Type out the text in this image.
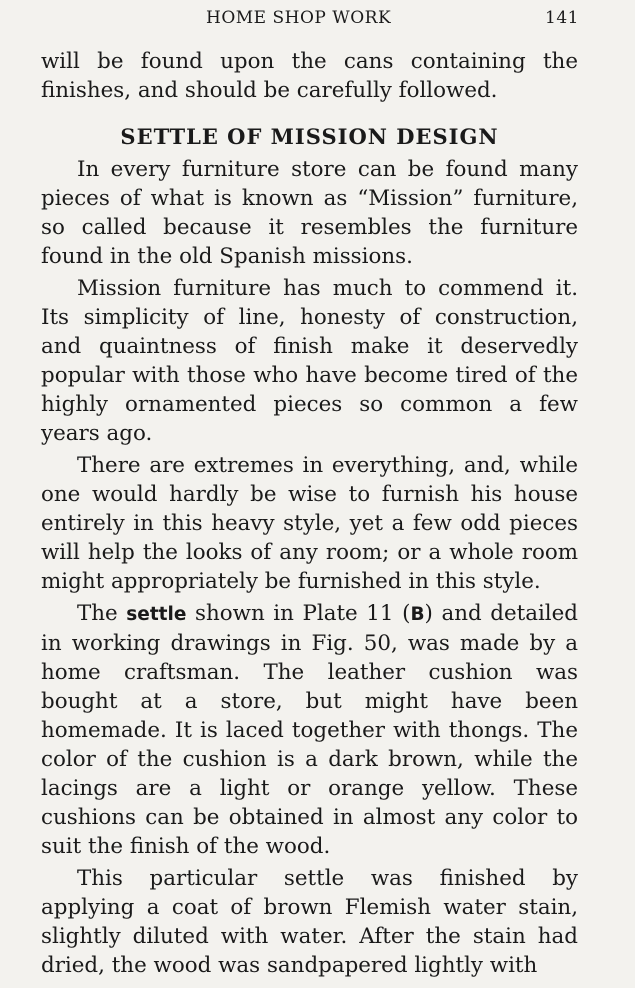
HOME SHOP WORK	141

will be found upon the cans containing the finishes, and should be carefully followed.

SETTLE OF MISSION DESIGN

In every furniture store can be found many pieces of what is known as “Mission” furniture, so called because it resembles the furniture found in the old Spanish missions.

Mission furniture has much to commend it. Its simplicity of line, honesty of construction, and quaintness of finish make it deservedly popular with those who have become tired of the highly ornamented pieces so common a few years ago.

There are extremes in everything, and, while one would hardly be wise to furnish his house entirely in this heavy style, yet a few odd pieces will help the looks of any room; or a whole room might appropriately be furnished in this style.

The settle shown in Plate 11 (B) and detailed in working drawings in Fig. 50, was made by a home craftsman. The leather cushion was bought at a store, but might have been homemade. It is laced together with thongs. The color of the cushion is a dark brown, while the lacings are a light or orange yellow. These cushions can be obtained in almost any color to suit the finish of the wood.

This particular settle was finished by applying a coat of brown Flemish water stain, slightly diluted with water. After the stain had dried, the wood was sandpapered lightly with
